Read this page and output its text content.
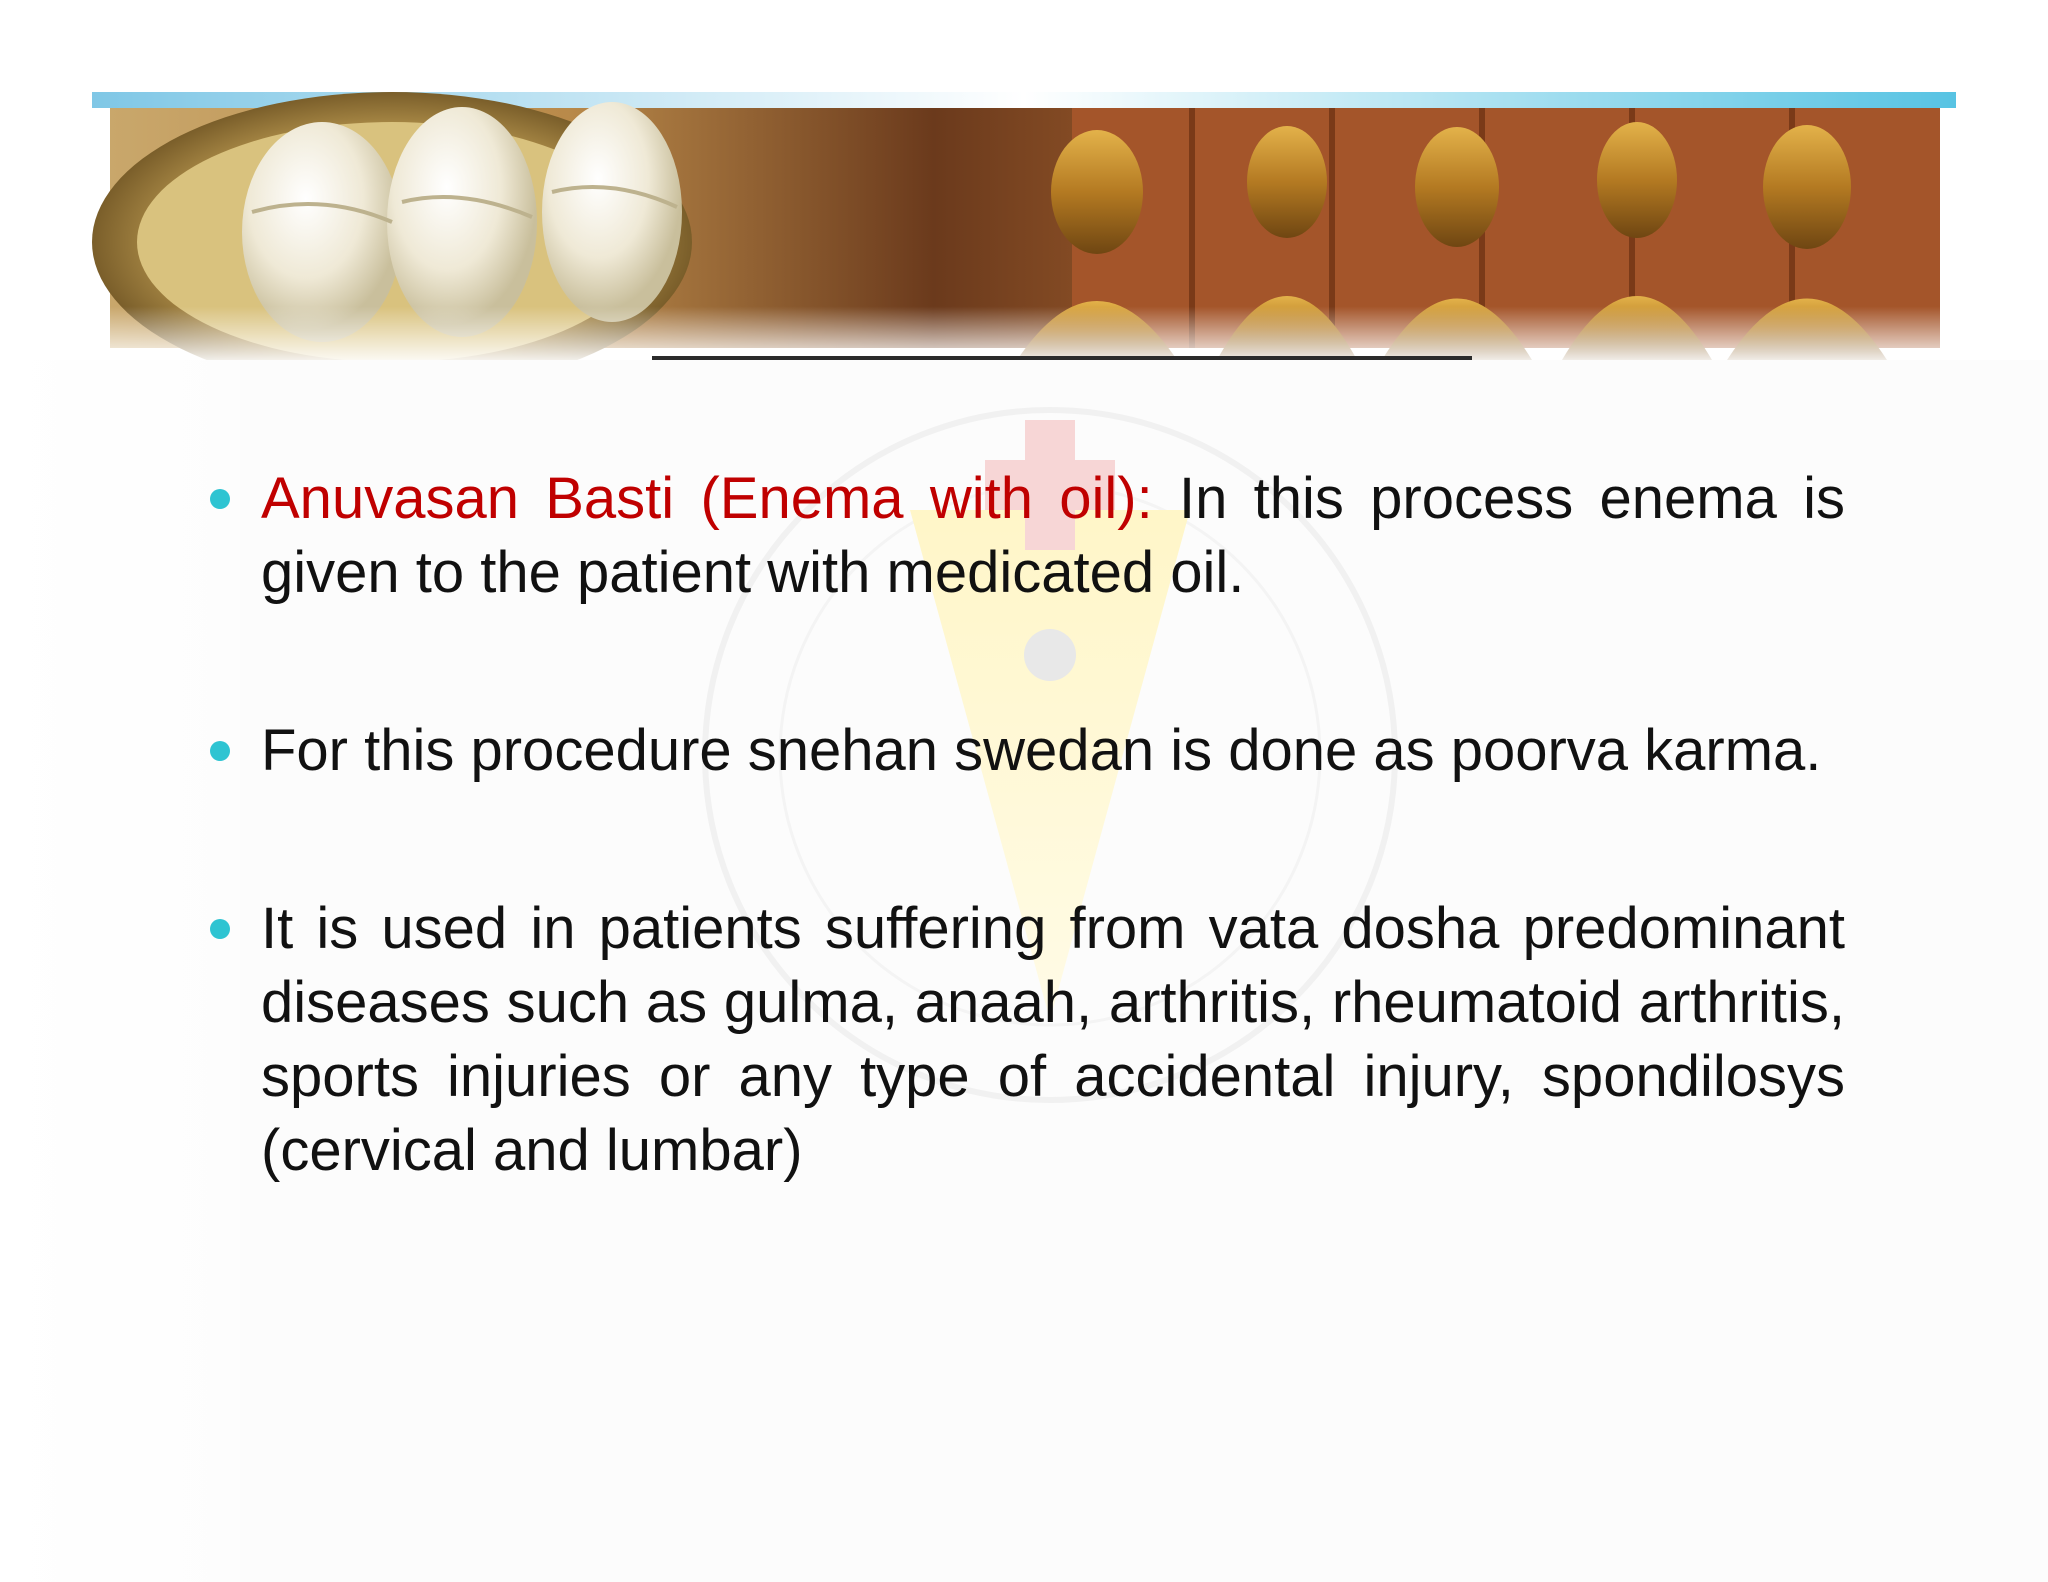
Anuvasan Basti (Enema with oil): In this process enema is given to the patient with medicated oil.
For this procedure snehan swedan is done as poorva karma.
It is used in patients suffering from vata dosha predominant diseases such as gulma, anaah, arthritis, rheumatoid arthritis, sports injuries or any type of accidental injury, spondilosys (cervical and lumbar)
